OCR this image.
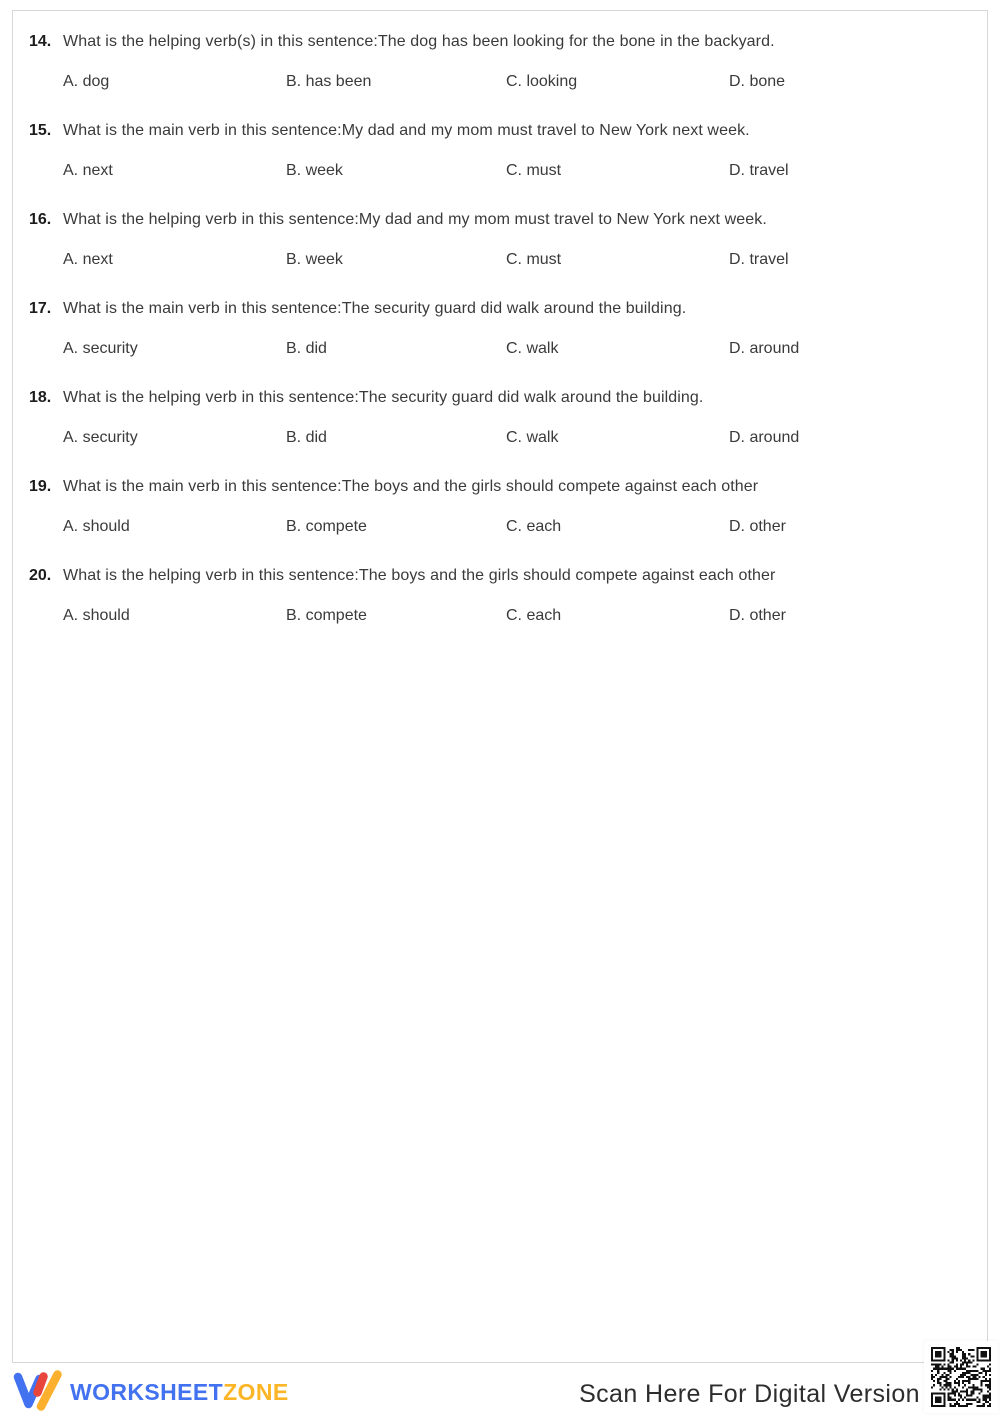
14. What is the helping verb(s) in this sentence:The dog has been looking for the bone in the backyard.
A. dog	B. has been	C. looking	D. bone
15. What is the main verb in this sentence:My dad and my mom must travel to New York next week.
A. next	B. week	C. must	D. travel
16. What is the helping verb in this sentence:My dad and my mom must travel to New York next week.
A. next	B. week	C. must	D. travel
17. What is the main verb in this sentence:The security guard did walk around the building.
A. security	B. did	C. walk	D. around
18. What is the helping verb in this sentence:The security guard did walk around the building.
A. security	B. did	C. walk	D. around
19. What is the main verb in this sentence:The boys and the girls should compete against each other
A. should	B. compete	C. each	D. other
20. What is the helping verb in this sentence:The boys and the girls should compete against each other
A. should	B. compete	C. each	D. other
WORKSHEETZONE	Scan Here For Digital Version
